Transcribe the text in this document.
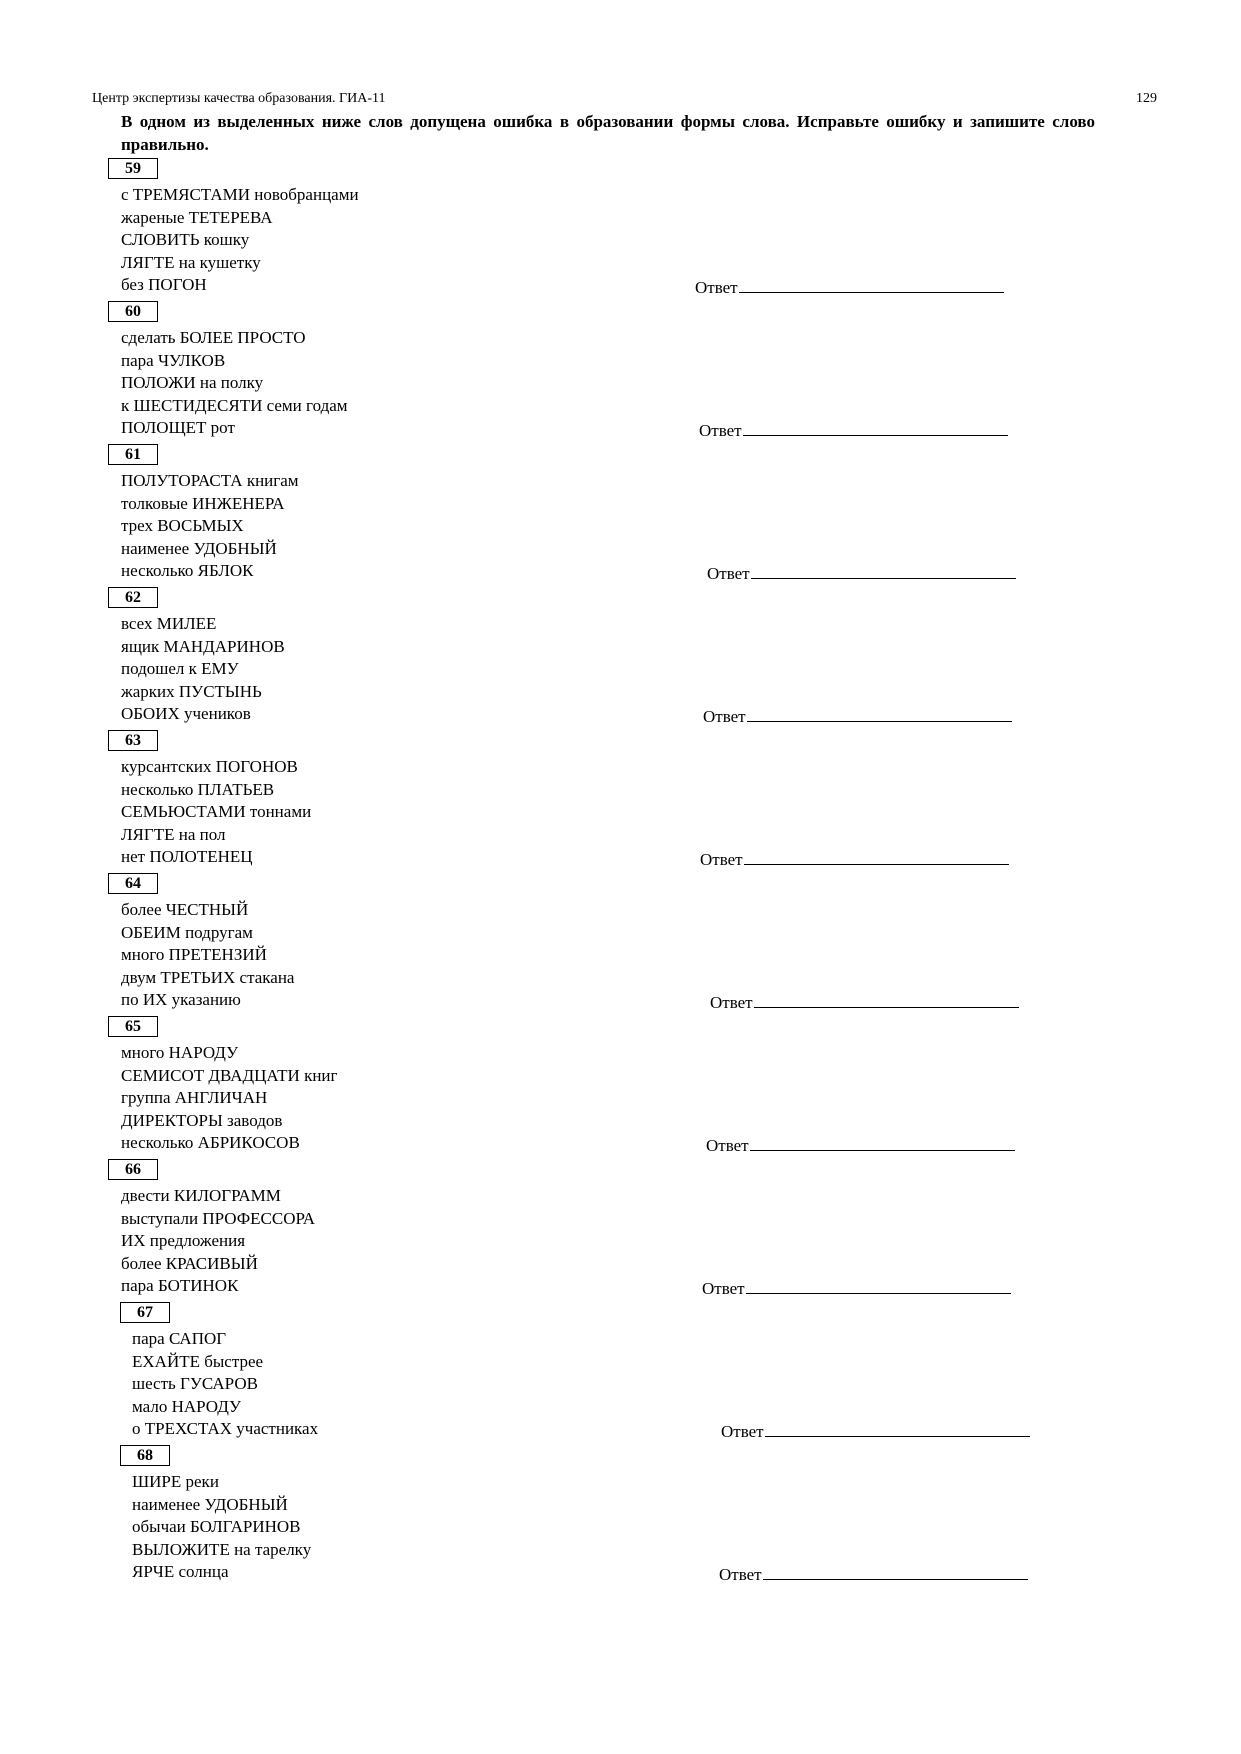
Центр экспертизы качества образования. ГИА-11	129
В одном из выделенных ниже слов допущена ошибка в образовании формы слова. Исправьте ошибку и запишите слово правильно.
59
с ТРЕМЯСТАМИ новобранцами
жареные ТЕТЕРЕВА
СЛОВИТЬ кошку
ЛЯГТЕ на кушетку
без ПОГОН	Ответ
60
сделать БОЛЕЕ ПРОСТО
пара ЧУЛКОВ
ПОЛОЖИ на полку
к ШЕСТИДЕСЯТИ семи годам
ПОЛОЩЕТ рот	Ответ
61
ПОЛУТОРАСТА книгам
толковые ИНЖЕНЕРА
трех ВОСЬМЫХ
наименее УДОБНЫЙ
несколько ЯБЛОК	Ответ
62
всех МИЛЕЕ
ящик МАНДАРИНОВ
подошел к ЕМУ
жарких ПУСТЫНЬ
ОБОИХ учеников	Ответ
63
курсантских ПОГОНОВ
несколько ПЛАТЬЕВ
СЕМЬЮСТАМИ тоннами
ЛЯГТЕ на пол
нет ПОЛОТЕНЕЦ	Ответ
64
более ЧЕСТНЫЙ
ОБЕИМ подругам
много ПРЕТЕНЗИЙ
двум ТРЕТЬИХ стакана
по ИХ указанию	Ответ
65
много НАРОДУ
СЕМИСОТ ДВАДЦАТИ книг
группа АНГЛИЧАН
ДИРЕКТОРЫ заводов
несколько АБРИКОСОВ	Ответ
66
двести КИЛОГРАММ
выступали ПРОФЕССОРА
ИХ предложения
более КРАСИВЫЙ
пара БОТИНОК	Ответ
67
пара САПОГ
ЕХАЙТЕ быстрее
шесть ГУСАРОВ
мало НАРОДУ
о ТРЕХСТАХ участниках	Ответ
68
ШИРЕ реки
наименее УДОБНЫЙ
обычаи БОЛГАРИНОВ
ВЫЛОЖИТЕ на тарелку
ЯРЧЕ солнца	Ответ
